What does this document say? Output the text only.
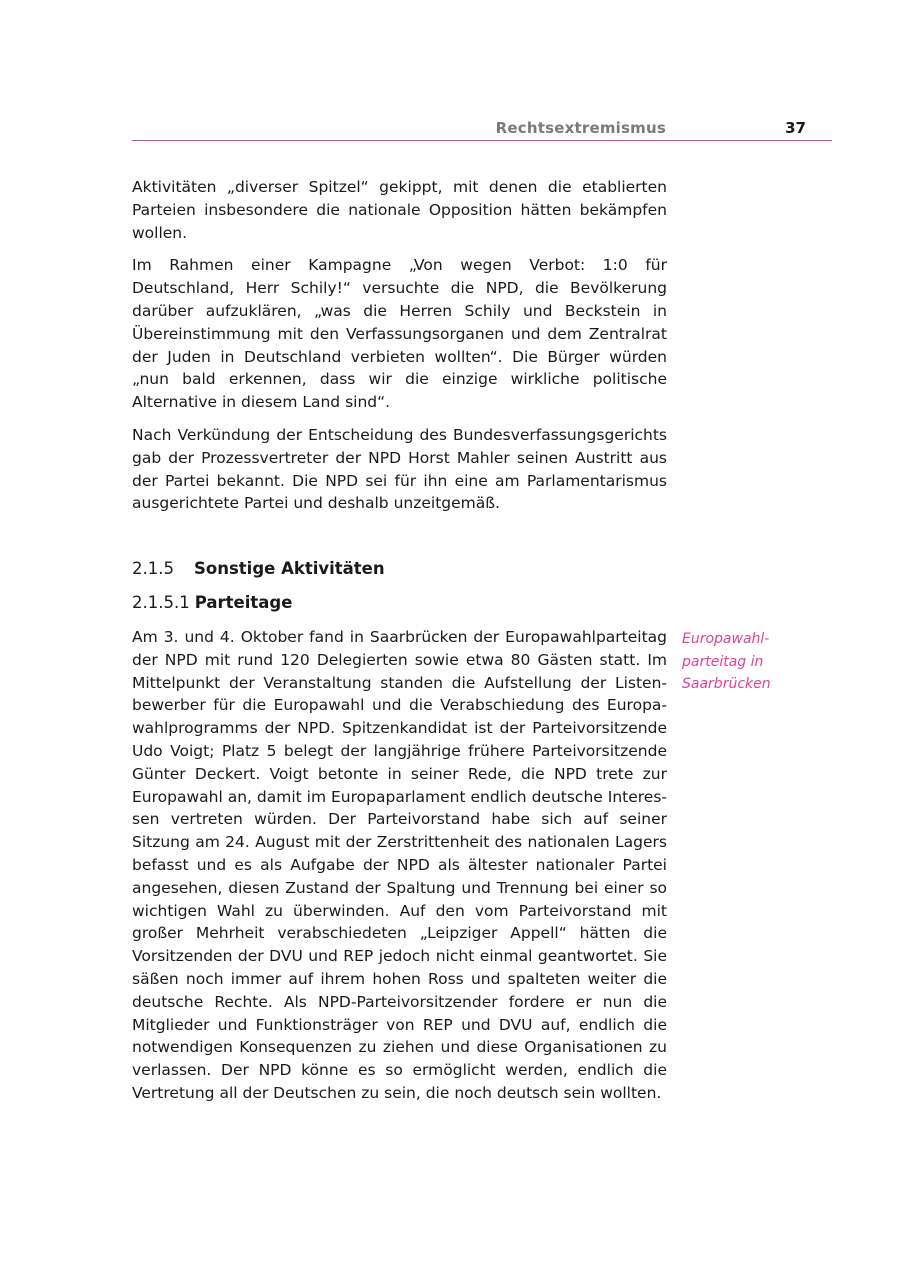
Rechtsextremismus	37

Aktivitäten „diverser Spitzel“ gekippt, mit denen die etablierten Parteien insbesondere die nationale Opposition hätten bekämpfen wollen.

Im Rahmen einer Kampagne „Von wegen Verbot: 1:0 für Deutschland, Herr Schily!“ versuchte die NPD, die Bevölkerung darüber aufzuklären, „was die Herren Schily und Beckstein in Übereinstimmung mit den Verfassungsorganen und dem Zentralrat der Juden in Deutschland verbieten wollten“. Die Bürger würden „nun bald erkennen, dass wir die einzige wirkliche politische Alternative in diesem Land sind“.

Nach Verkündung der Entscheidung des Bundesverfassungsgerichts gab der Prozessvertreter der NPD Horst Mahler seinen Austritt aus der Partei bekannt. Die NPD sei für ihn eine am Parlamentarismus ausgerichtete Partei und deshalb unzeitgemäß.

2.1.5 Sonstige Aktivitäten
2.1.5.1 Parteitage

Am 3. und 4. Oktober fand in Saarbrücken der Europawahlparteitag der NPD mit rund 120 Delegierten sowie etwa 80 Gästen statt. Im Mittelpunkt der Veranstaltung standen die Aufstellung der Listenbewerber für die Europawahl und die Verabschiedung des Europawahlprogramms der NPD. Spitzenkandidat ist der Parteivorsitzende Udo Voigt; Platz 5 belegt der langjährige frühere Parteivorsitzende Günter Deckert. Voigt betonte in seiner Rede, die NPD trete zur Europawahl an, damit im Europaparlament endlich deutsche Interessen vertreten würden. Der Parteivorstand habe sich auf seiner Sitzung am 24. August mit der Zerstrittenheit des nationalen Lagers befasst und es als Aufgabe der NPD als ältester nationaler Partei angesehen, diesen Zustand der Spaltung und Trennung bei einer so wichtigen Wahl zu überwinden. Auf den vom Parteivorstand mit großer Mehrheit verabschiedeten „Leipziger Appell“ hätten die Vorsitzenden der DVU und REP jedoch nicht einmal geantwortet. Sie säßen noch immer auf ihrem hohen Ross und spalteten weiter die deutsche Rechte. Als NPD-Parteivorsitzender fordere er nun die Mitglieder und Funktionsträger von REP und DVU auf, endlich die notwendigen Konsequenzen zu ziehen und diese Organisationen zu verlassen. Der NPD könne es so ermöglicht werden, endlich die Vertretung all der Deutschen zu sein, die noch deutsch sein wollten.

Europawahl-
parteitag in
Saarbrücken
